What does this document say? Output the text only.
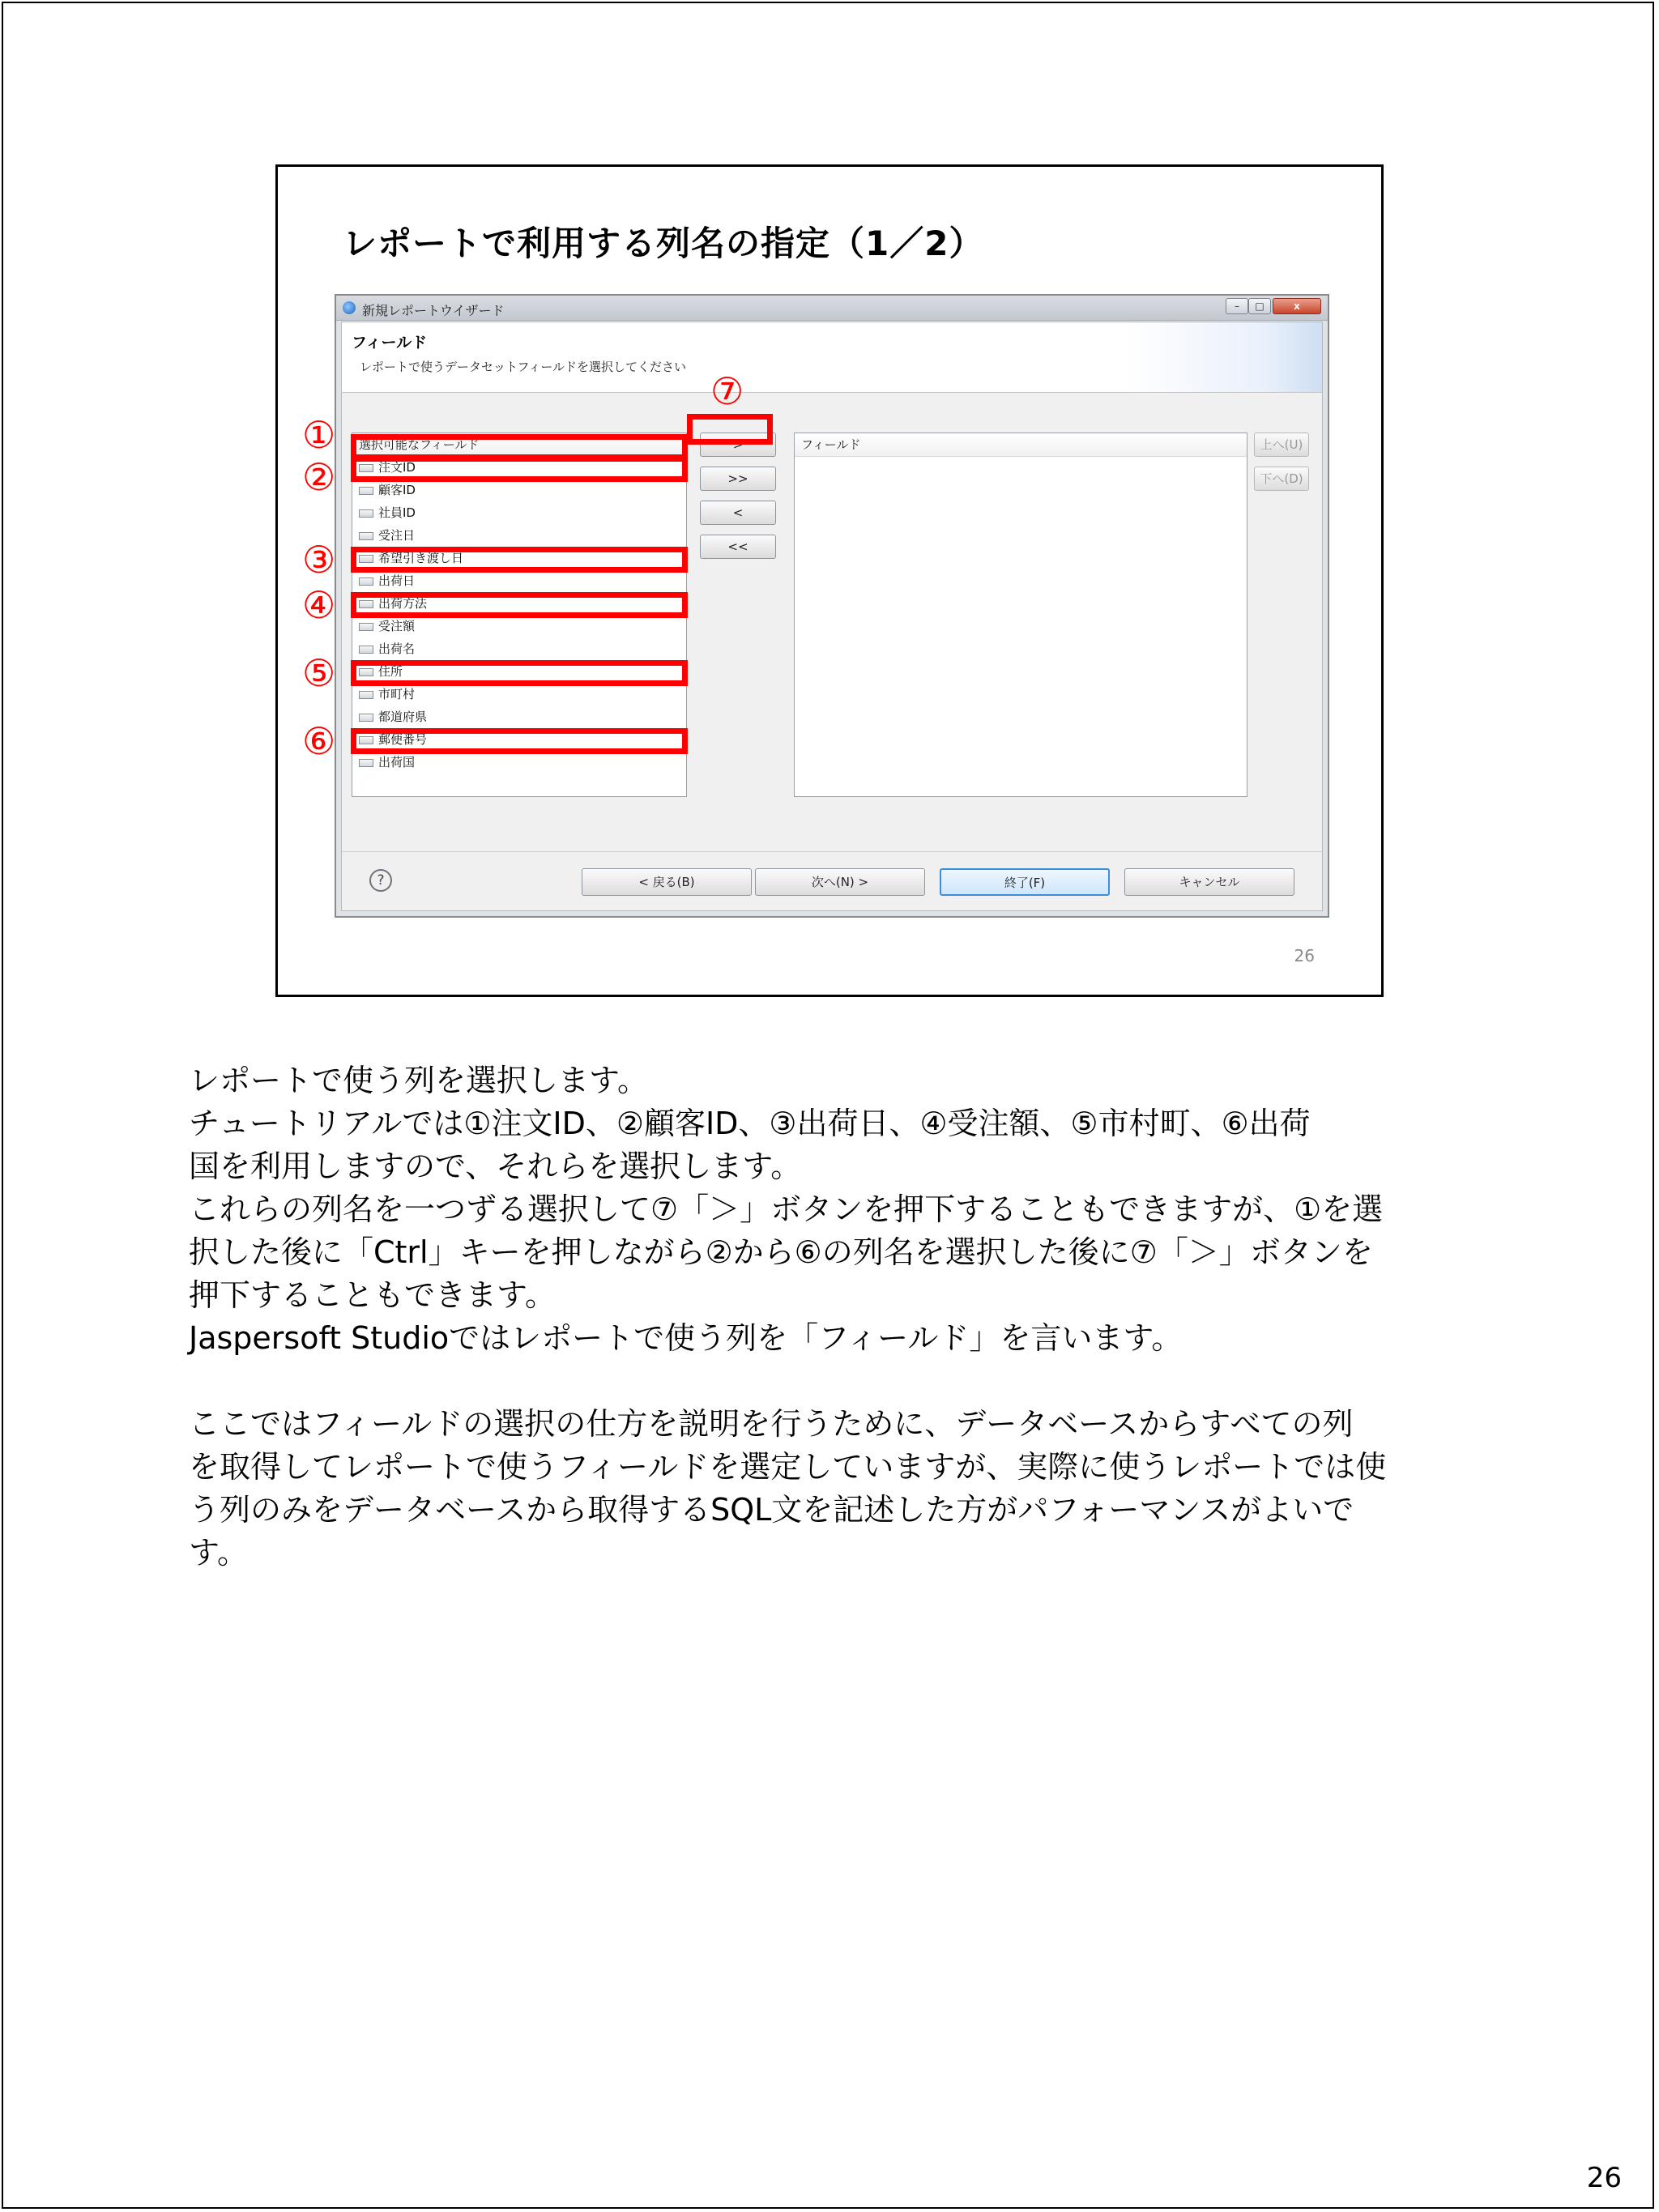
レポートで利用する列名の指定（1／2）
新規レポートウイザード	–	□	x
フィールド
レポートで使うデータセットフィールドを選択してください
選択可能なフィールド
注文ID
顧客ID
社員ID
受注日
希望引き渡し日
出荷日
出荷方法
受注額
出荷名
住所
市町村
都道府県
郵便番号
出荷国
>
>>
<
<<
フィールド	上へ(U)
下へ(D)
?	< 戻る(B)	次へ(N) >	終了(F)	キャンセル
①
②
③
④
⑤
⑥
⑦
26

レポートで使う列を選択します。

チュートリアルでは①注文ID、②顧客ID、③出荷日、④受注額、⑤市村町、⑥出荷

国を利用しますので、それらを選択します。

これらの列名を一つずる選択して⑦「＞」ボタンを押下することもできますが、①を選

択した後に「Ctrl」キーを押しながら②から⑥の列名を選択した後に⑦「＞」ボタンを

押下することもできます。

Jaspersoft Studioではレポートで使う列を「フィールド」を言います。

ここではフィールドの選択の仕方を説明を行うために、データベースからすべての列

を取得してレポートで使うフィールドを選定していますが、実際に使うレポートでは使

う列のみをデータベースから取得するSQL文を記述した方がパフォーマンスがよいで

す。

26
